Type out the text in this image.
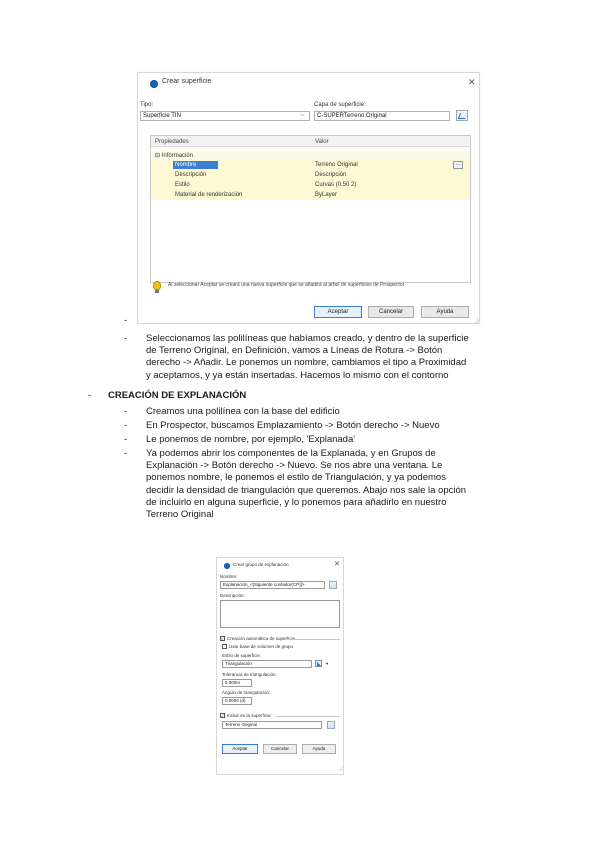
Crear superficie	✕
Tipo:
Superficie TIN	⌵
Capa de superficie:
C-SUPERTerreno Original
Propiedades	Valor
⊟ Información
Nombre	Terreno Original	...
Descripción	Descripción
Estilo	Curvas (0.50 2)
Material de renderización	ByLayer
Al seleccionar Aceptar se creará una nueva superficie que se añadirá al árbol de superficies de Prospector.
Aceptar	Cancelar	Ayuda
-
- Seleccionamos las polilíneas que habíamos creado, y dentro de la superficie
de Terreno Original, en Definición, vamos a Líneas de Rotura -> Botón
derecho -> Añadir. Le ponemos un nombre, cambiamos el tipo a Proximidad
y aceptamos, y ya están insertadas. Hacemos lo mismo con el contorno
- CREACIÓN DE EXPLANACIÓN
- Creamos una polilínea con la base del edificio
- En Prospector, buscamos Emplazamiento -> Botón derecho -> Nuevo
- Le ponemos de nombre, por ejemplo, 'Explanada'
- Ya podemos abrir los componentes de la Explanada, y en Grupos de
Explanación -> Botón derecho -> Nuevo. Se nos abre una ventana. Le
ponemos nombre, le ponemos el estilo de Triangulación, y ya podemos
decidir la densidad de triangulación que queremos. Abajo nos sale la opción
de incluirlo en alguna superficie, y lo ponemos para añadirlo en nuestro
Terreno Original
Crear grupo de explanación	✕
Nombre:
Explanación_<[Siguiente contador(CP)]>
Descripción:
✓ Creación automática de superficie
Usar base de volumen de grupo
Estilo de superficie:
Triangulación	▾
Tolerancia de triangulación:
5.000m
Ángulo de triangulación:
0.0000 (d)
✓ Incluir en la superficie:
Terreno Original
Aceptar	Cancelar	Ayuda
